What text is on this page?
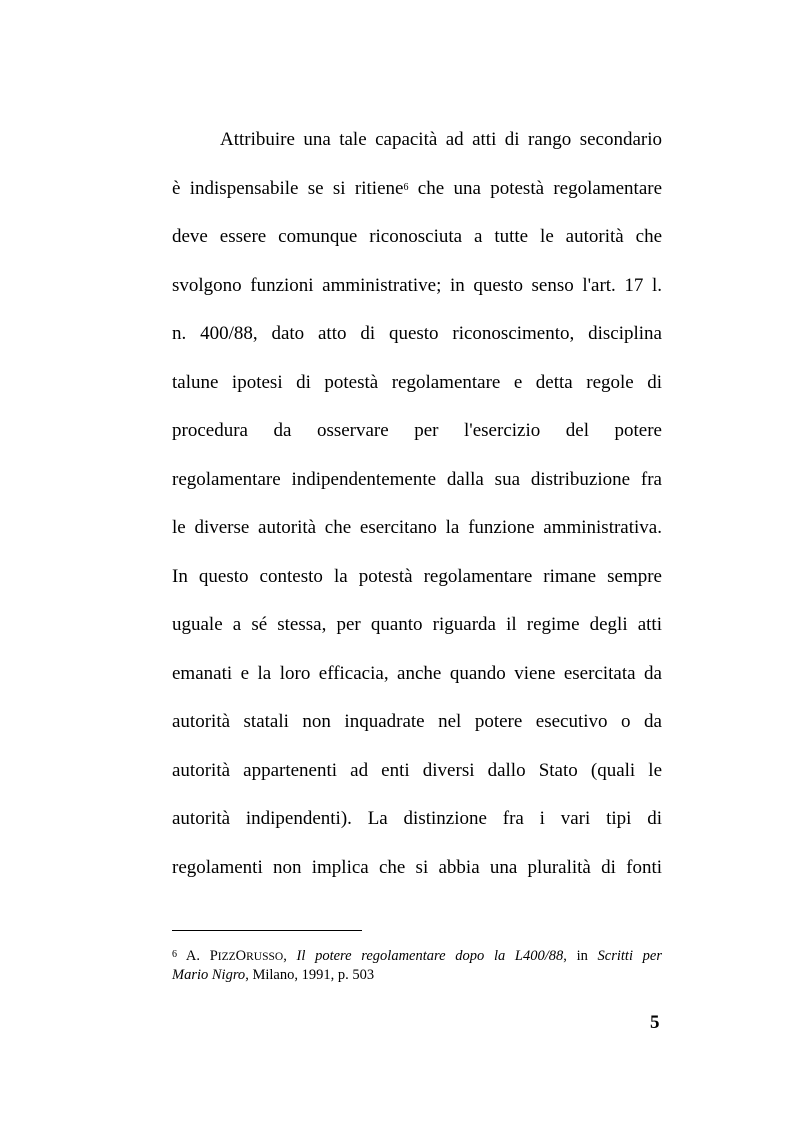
Attribuire una tale capacità ad atti di rango secondario
è indispensabile se si ritiene$^6$ che una potestà regolamentare
deve essere comunque riconosciuta a tutte le autorità che
svolgono funzioni amministrative; in questo senso l'art. 17 l.
n. 400/88, dato atto di questo riconoscimento, disciplina
talune ipotesi di potestà regolamentare e detta regole di
procedura da osservare per l'esercizio del potere
regolamentare indipendentemente dalla sua distribuzione fra
le diverse autorità che esercitano la funzione amministrativa.
In questo contesto la potestà regolamentare rimane sempre
uguale a sé stessa, per quanto riguarda il regime degli atti
emanati e la loro efficacia, anche quando viene esercitata da
autorità statali non inquadrate nel potere esecutivo o da
autorità appartenenti ad enti diversi dallo Stato (quali le
autorità indipendenti). La distinzione fra i vari tipi di
regolamenti non implica che si abbia una pluralità di fonti
$^6$ A. PIZZORUSSO, Il potere regolamentare dopo la L400/88, in Scritti per
Mario Nigro, Milano, 1991, p. 503
5
